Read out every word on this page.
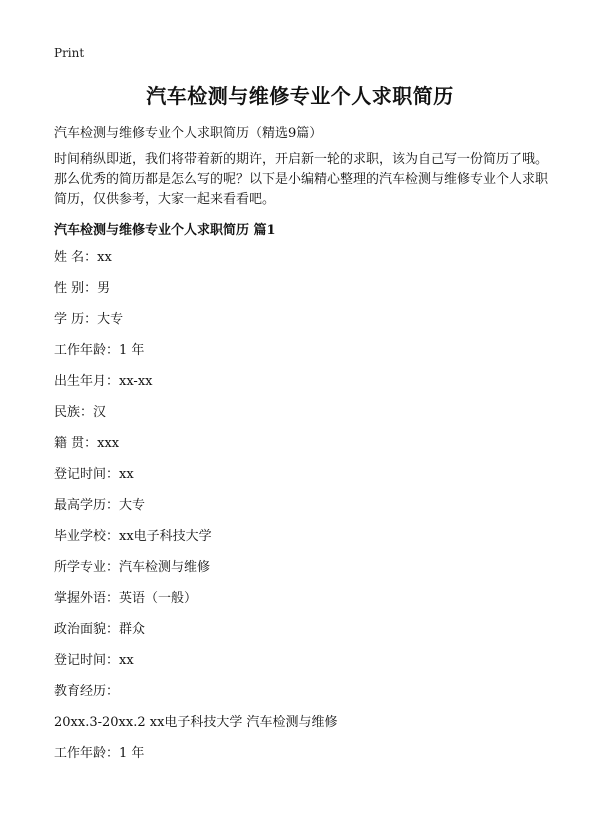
Print
汽车检测与维修专业个人求职简历
汽车检测与维修专业个人求职简历（精选9篇）
时间稍纵即逝，我们将带着新的期许，开启新一轮的求职，该为自己写一份简历了哦。那么优秀的简历都是怎么写的呢？以下是小编精心整理的汽车检测与维修专业个人求职简历，仅供参考，大家一起来看看吧。
汽车检测与维修专业个人求职简历 篇1
姓 名：xx
性 别：男
学 历：大专
工作年龄：1 年
出生年月：xx-xx
民族：汉
籍 贯：xxx
登记时间：xx
最高学历：大专
毕业学校：xx电子科技大学
所学专业：汽车检测与维修
掌握外语：英语（一般）
政治面貌：群众
登记时间：xx
教育经历：
20xx.3-20xx.2 xx电子科技大学 汽车检测与维修
工作年龄：1 年
